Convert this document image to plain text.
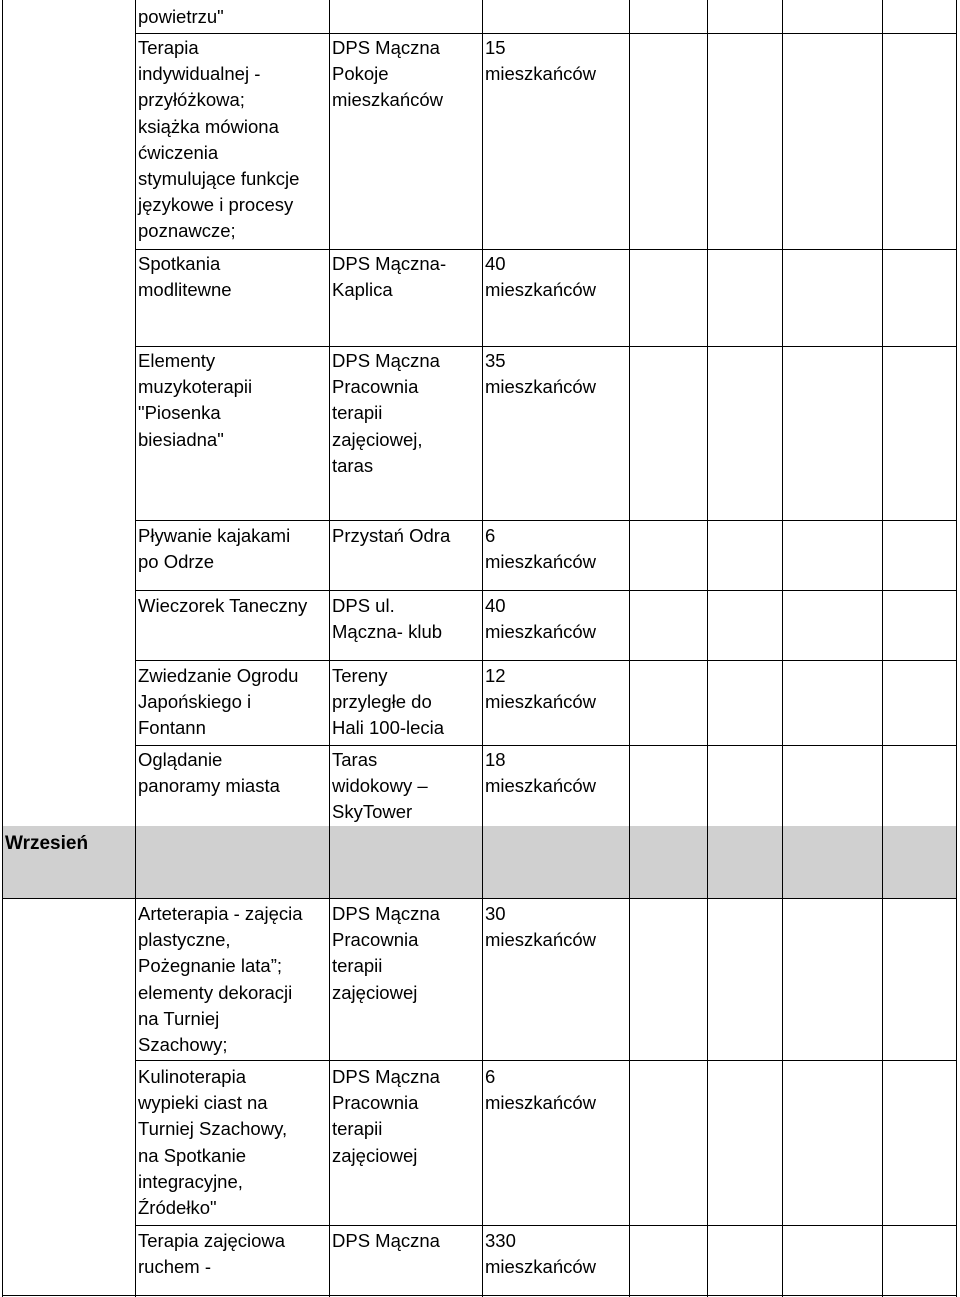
Wrzesień
powietrzu"
Terapia
indywidualnej -
przyłóżkowa;
książka mówiona
ćwiczenia
stymulujące funkcje
językowe i procesy
poznawcze;
DPS Mączna
Pokoje
mieszkańców
15
mieszkańców
Spotkania
modlitewne
DPS Mączna-
Kaplica
40
mieszkańców
Elementy
muzykoterapii
"Piosenka
biesiadna"
DPS Mączna
Pracownia
terapii
zajęciowej,
taras
35
mieszkańców
Pływanie kajakami
po Odrze
Przystań Odra 6
mieszkańców
Wieczorek Taneczny DPS ul.
Mączna- klub
40
mieszkańców
Zwiedzanie Ogrodu
Japońskiego i
Fontann
Tereny
przyległe do
Hali 100-lecia
12
mieszkańców
Oglądanie
panoramy miasta
Taras
widokowy –
SkyTower
18
mieszkańców
Arteterapia - zajęcia
plastyczne,
Pożegnanie lata”;
elementy dekoracji
na Turniej
Szachowy;
DPS Mączna
Pracownia
terapii
zajęciowej
30
mieszkańców
Kulinoterapia
wypieki ciast na
Turniej Szachowy,
na Spotkanie
integracyjne,
Źródełko"
DPS Mączna
Pracownia
terapii
zajęciowej
6
mieszkańców
Terapia zajęciowa
ruchem -
DPS Mączna 330
mieszkańców
